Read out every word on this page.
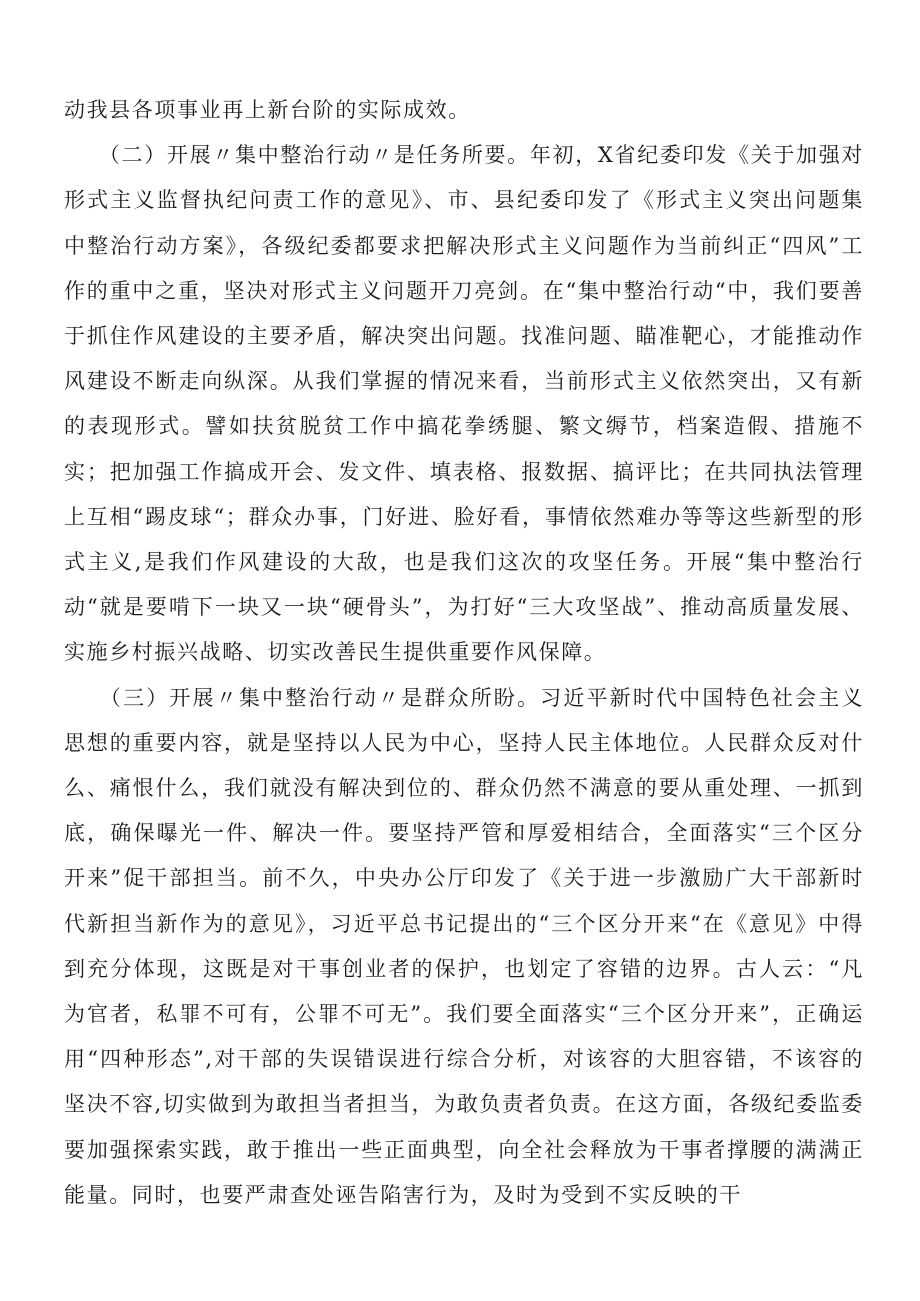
动我县各项事业再上新台阶的实际成效。

　　（二）开展〃集中整治行动〃是任务所要。年初，X省纪委印发《关于加强对形式主义监督执纪问责工作的意见》、市、县纪委印发了《形式主义突出问题集中整治行动方案》，各级纪委都要求把解决形式主义问题作为当前纠正“四风”工作的重中之重，坚决对形式主义问题开刀亮剑。在“集中整治行动“中，我们要善于抓住作风建设的主要矛盾，解决突出问题。找准问题、瞄准靶心，才能推动作风建设不断走向纵深。从我们掌握的情况来看，当前形式主义依然突出，又有新的表现形式。譬如扶贫脱贫工作中搞花拳绣腿、繁文缛节，档案造假、措施不实；把加强工作搞成开会、发文件、填表格、报数据、搞评比；在共同执法管理上互相“踢皮球“；群众办事，门好进、脸好看，事情依然难办等等这些新型的形式主义,是我们作风建设的大敌，也是我们这次的攻坚任务。开展“集中整治行动“就是要啃下一块又一块“硬骨头”，为打好“三大攻坚战”、推动高质量发展、实施乡村振兴战略、切实改善民生提供重要作风保障。

　　（三）开展〃集中整治行动〃是群众所盼。习近平新时代中国特色社会主义思想的重要内容，就是坚持以人民为中心，坚持人民主体地位。人民群众反对什么、痛恨什么，我们就没有解决到位的、群众仍然不满意的要从重处理、一抓到底，确保曝光一件、解决一件。要坚持严管和厚爱相结合，全面落实“三个区分开来”促干部担当。前不久，中央办公厅印发了《关于进一步激励广大干部新时代新担当新作为的意见》，习近平总书记提出的“三个区分开来“在《意见》中得到充分体现，这既是对干事创业者的保护，也划定了容错的边界。古人云：“凡为官者，私罪不可有，公罪不可无”。我们要全面落实“三个区分开来”，正确运用“四种形态”,对干部的失误错误进行综合分析，对该容的大胆容错，不该容的坚决不容,切实做到为敢担当者担当，为敢负责者负责。在这方面，各级纪委监委要加强探索实践，敢于推出一些正面典型，向全社会释放为干事者撑腰的满满正能量。同时，也要严肃查处诬告陷害行为，及时为受到不实反映的干
